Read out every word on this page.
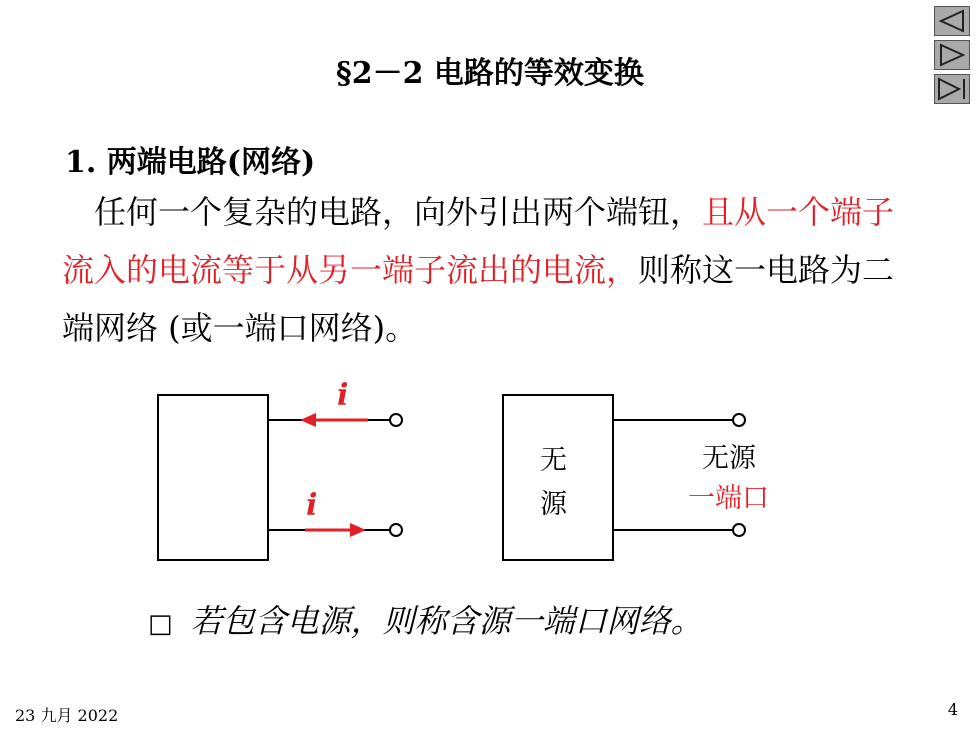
§2－2 电路的等效变换
1. 两端电路(网络)
任何一个复杂的电路，向外引出两个端钮，且从一个端子流入的电流等于从另一端子流出的电流，则称这一电路为二端网络 (或一端口网络)。
i
i
无
源
无源
一端口
□ 若包含电源，则称含源一端口网络。
23 九月 2022	4
